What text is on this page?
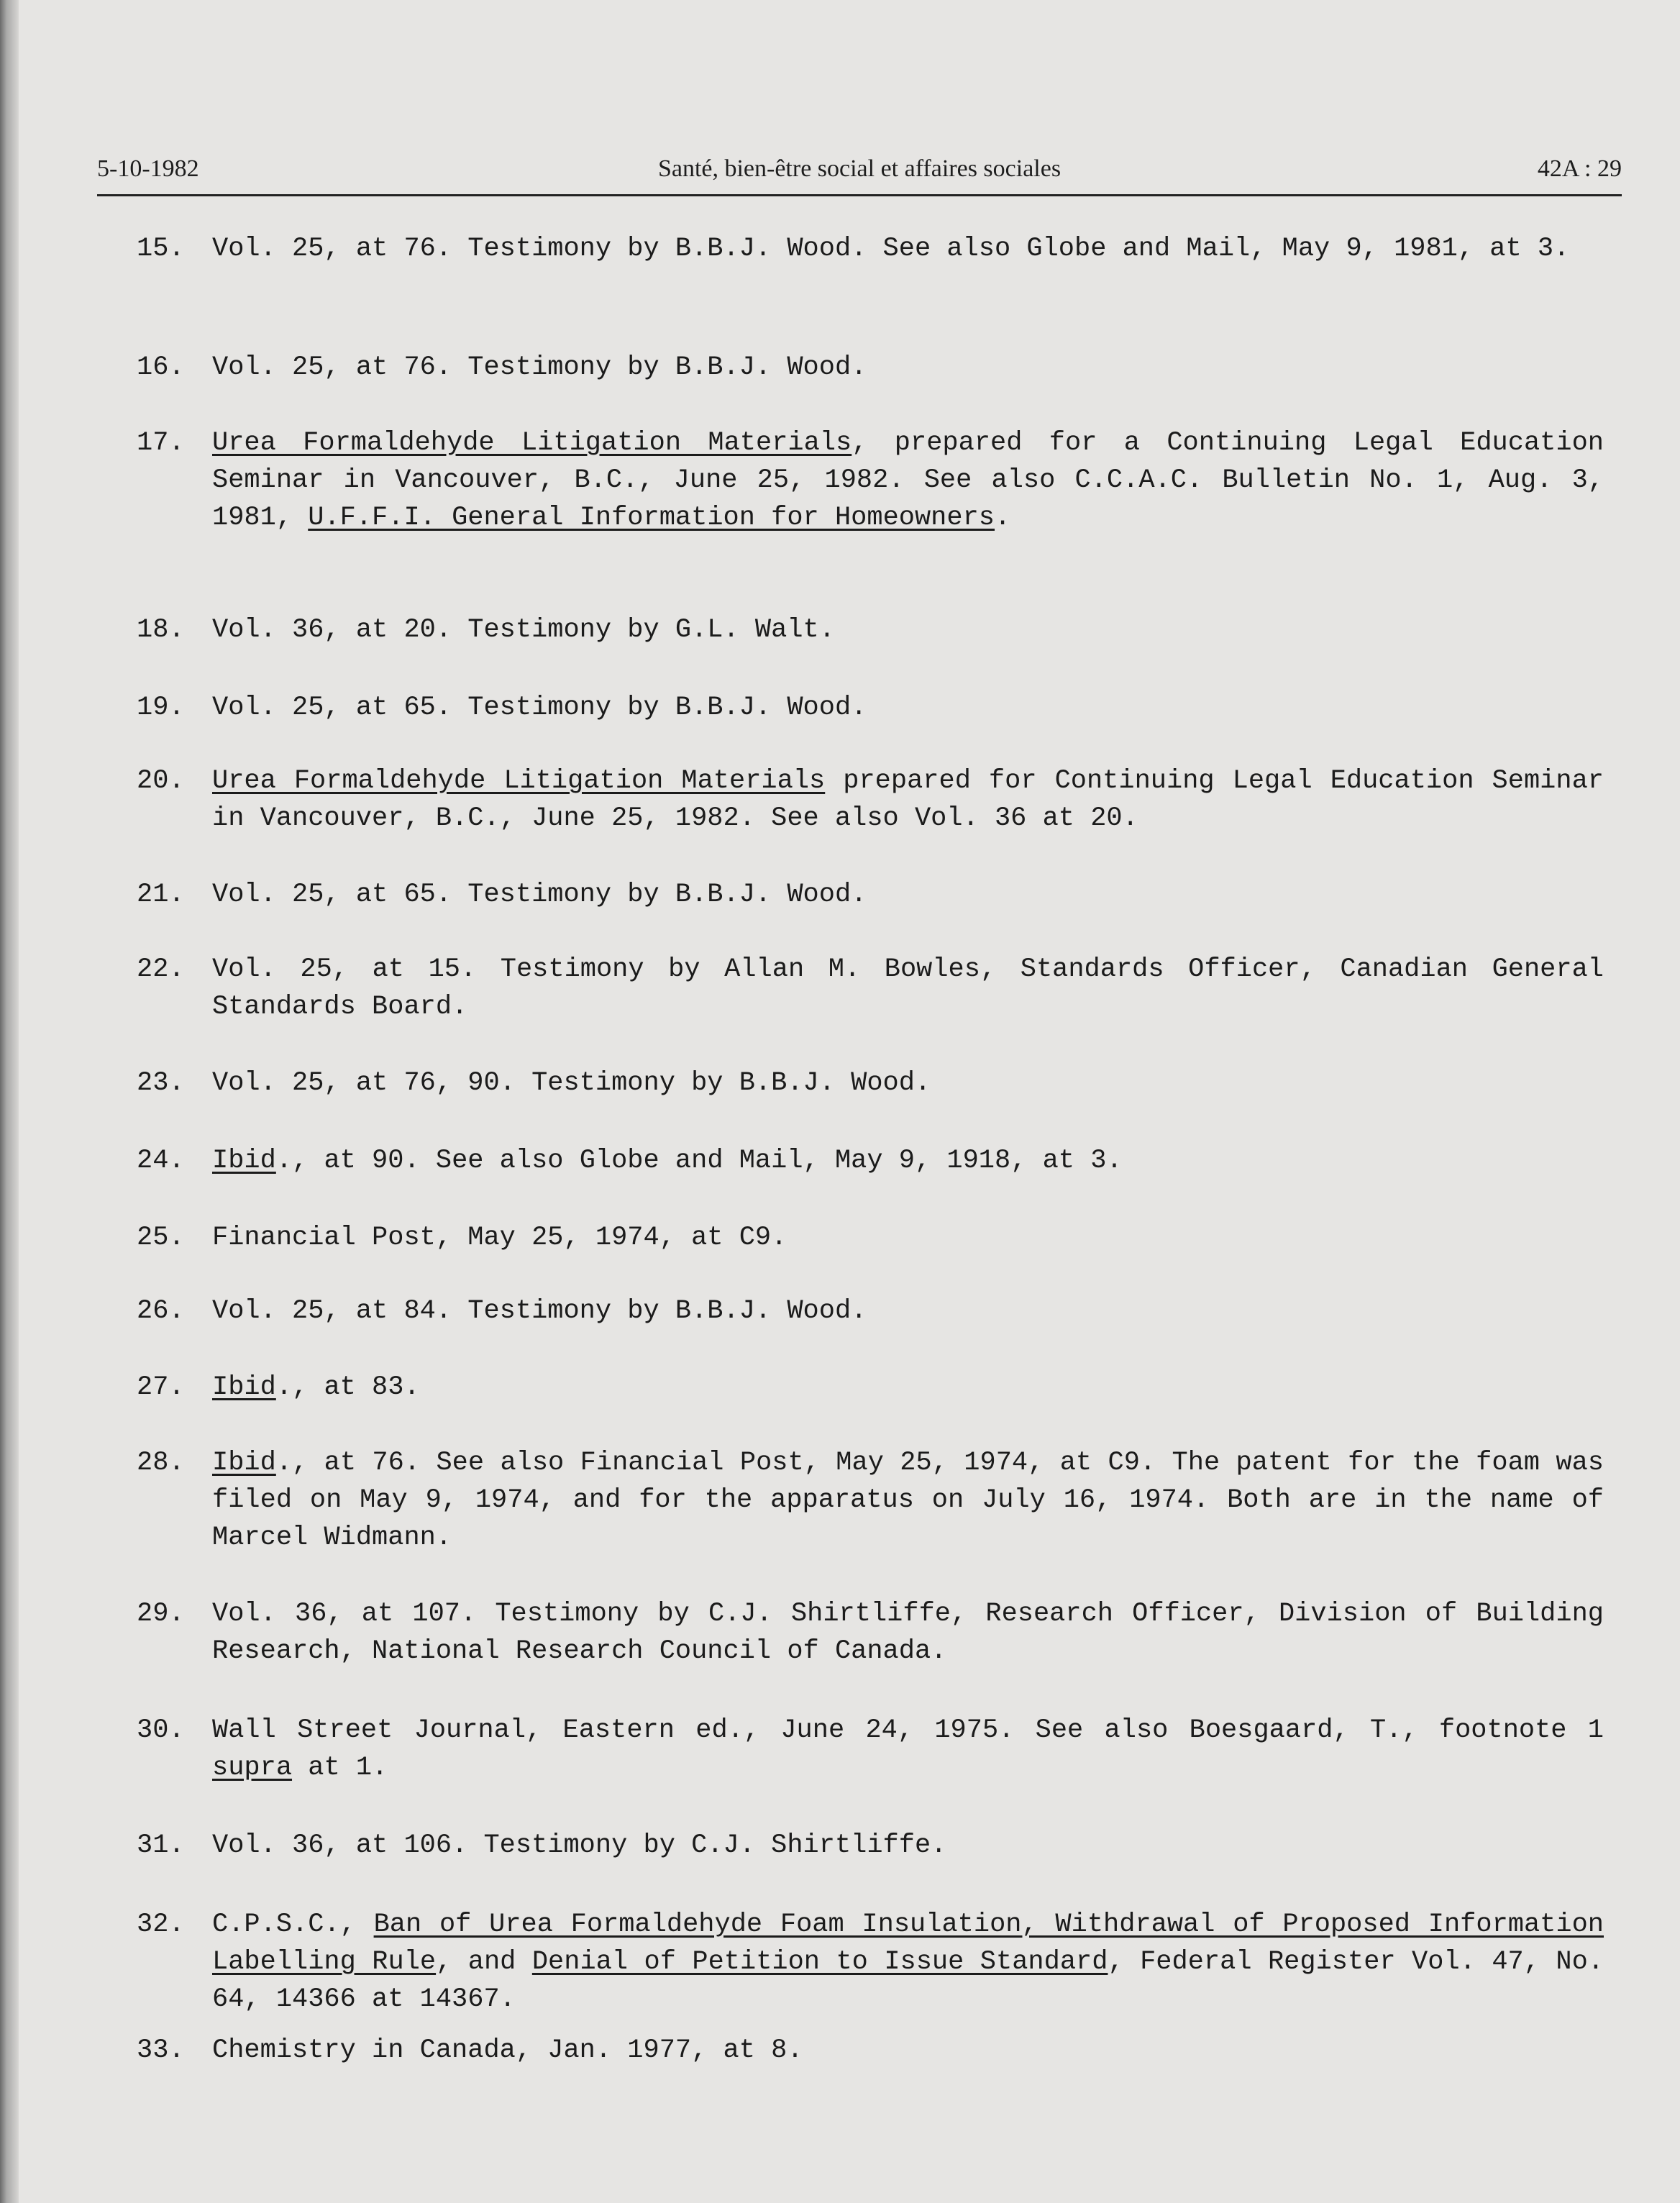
5-10-1982	Santé, bien-être social et affaires sociales	42A : 29
15.	Vol. 25, at 76. Testimony by B.B.J. Wood. See also Globe and Mail, May 9, 1981, at 3.
16.	Vol. 25, at 76. Testimony by B.B.J. Wood.
17.	Urea Formaldehyde Litigation Materials, prepared for a Continuing Legal Education Seminar in Vancouver, B.C., June 25, 1982. See also C.C.A.C. Bulletin No. 1, Aug. 3, 1981, U.F.F.I. General Information for Homeowners.
18.	Vol. 36, at 20. Testimony by G.L. Walt.
19.	Vol. 25, at 65. Testimony by B.B.J. Wood.
20.	Urea Formaldehyde Litigation Materials prepared for Continuing Legal Education Seminar in Vancouver, B.C., June 25, 1982. See also Vol. 36 at 20.
21.	Vol. 25, at 65. Testimony by B.B.J. Wood.
22.	Vol. 25, at 15. Testimony by Allan M. Bowles, Standards Officer, Canadian General Standards Board.
23.	Vol. 25, at 76, 90. Testimony by B.B.J. Wood.
24.	Ibid., at 90. See also Globe and Mail, May 9, 1918, at 3.
25.	Financial Post, May 25, 1974, at C9.
26.	Vol. 25, at 84. Testimony by B.B.J. Wood.
27.	Ibid., at 83.
28.	Ibid., at 76. See also Financial Post, May 25, 1974, at C9. The patent for the foam was filed on May 9, 1974, and for the apparatus on July 16, 1974. Both are in the name of Marcel Widmann.
29.	Vol. 36, at 107. Testimony by C.J. Shirtliffe, Research Officer, Division of Building Research, National Research Council of Canada.
30.	Wall Street Journal, Eastern ed., June 24, 1975. See also Boesgaard, T., footnote 1 supra at 1.
31.	Vol. 36, at 106. Testimony by C.J. Shirtliffe.
32.	C.P.S.C., Ban of Urea Formaldehyde Foam Insulation, Withdrawal of Proposed Information Labelling Rule, and Denial of Petition to Issue Standard, Federal Register Vol. 47, No. 64, 14366 at 14367.
33.	Chemistry in Canada, Jan. 1977, at 8.
